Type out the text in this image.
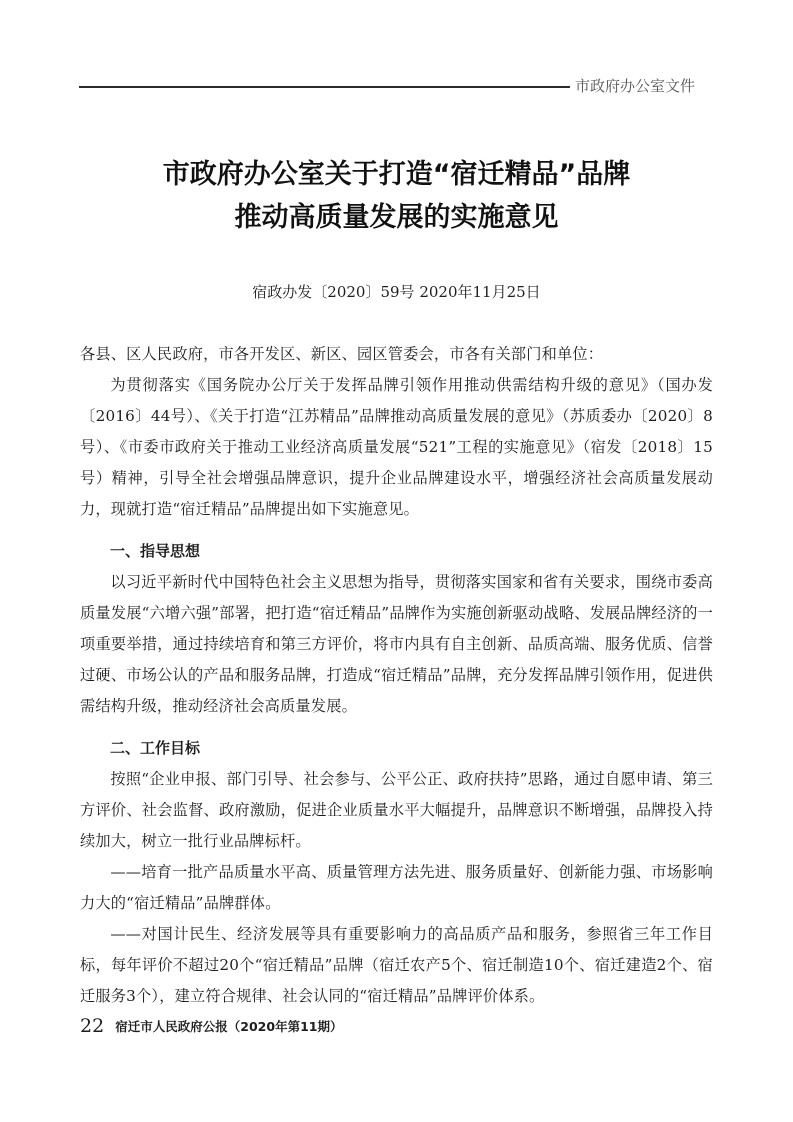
市政府办公室文件
市政府办公室关于打造“宿迁精品”品牌
推动高质量发展的实施意见
宿政办发〔2020〕59号 2020年11月25日
各县、区人民政府，市各开发区、新区、园区管委会，市各有关部门和单位：
为贯彻落实《国务院办公厅关于发挥品牌引领作用推动供需结构升级的意见》（国办发〔2016〕44号）、《关于打造“江苏精品”品牌推动高质量发展的意见》（苏质委办〔2020〕8号）、《市委市政府关于推动工业经济高质量发展“521”工程的实施意见》（宿发〔2018〕15号）精神，引导全社会增强品牌意识，提升企业品牌建设水平，增强经济社会高质量发展动力，现就打造“宿迁精品”品牌提出如下实施意见。
一、指导思想
以习近平新时代中国特色社会主义思想为指导，贯彻落实国家和省有关要求，围绕市委高质量发展“六增六强”部署，把打造“宿迁精品”品牌作为实施创新驱动战略、发展品牌经济的一项重要举措，通过持续培育和第三方评价，将市内具有自主创新、品质高端、服务优质、信誉过硬、市场公认的产品和服务品牌，打造成“宿迁精品”品牌，充分发挥品牌引领作用，促进供需结构升级，推动经济社会高质量发展。
二、工作目标
按照“企业申报、部门引导、社会参与、公平公正、政府扶持”思路，通过自愿申请、第三方评价、社会监督、政府激励，促进企业质量水平大幅提升，品牌意识不断增强，品牌投入持续加大，树立一批行业品牌标杆。
——培育一批产品质量水平高、质量管理方法先进、服务质量好、创新能力强、市场影响力大的“宿迁精品”品牌群体。
——对国计民生、经济发展等具有重要影响力的高品质产品和服务，参照省三年工作目标，每年评价不超过20个“宿迁精品”品牌（宿迁农产5个、宿迁制造10个、宿迁建造2个、宿迁服务3个），建立符合规律、社会认同的“宿迁精品”品牌评价体系。
22 宿迁市人民政府公报（2020年第11期）
